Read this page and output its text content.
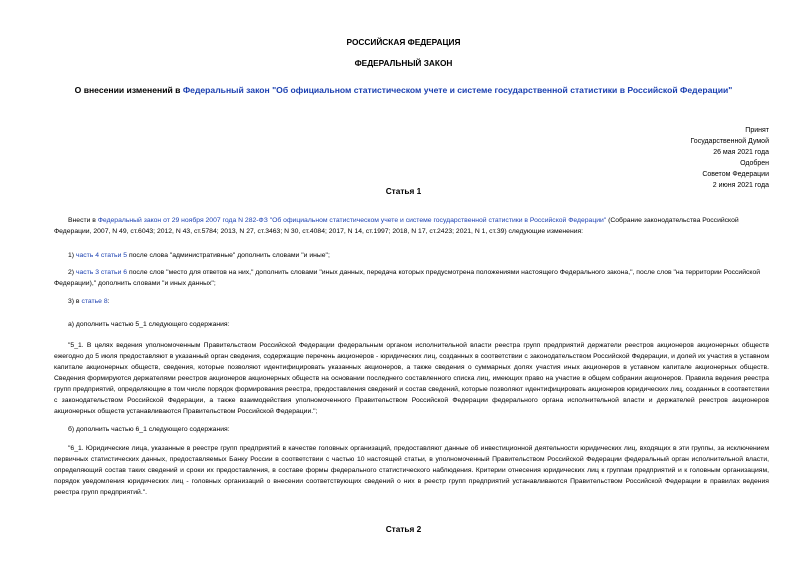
РОССИЙСКАЯ ФЕДЕРАЦИЯ
ФЕДЕРАЛЬНЫЙ ЗАКОН
О внесении изменений в Федеральный закон "Об официальном статистическом учете и системе государственной статистики в Российской Федерации"
Принят
Государственной Думой
26 мая 2021 года
Одобрен
Советом Федерации
2 июня 2021 года
Статья 1
Внести в Федеральный закон от 29 ноября 2007 года N 282-ФЗ "Об официальном статистическом учете и системе государственной статистики в Российской Федерации" (Собрание законодательства Российской Федерации, 2007, N 49, ст.6043; 2012, N 43, ст.5784; 2013, N 27, ст.3463; N 30, ст.4084; 2017, N 14, ст.1997; 2018, N 17, ст.2423; 2021, N 1, ст.39) следующие изменения:
1) часть 4 статьи 5 после слова "административные" дополнить словами "и иные";
2) часть 3 статьи 6 после слов "место для ответов на них," дополнить словами "иных данных, передача которых предусмотрена положениями настоящего Федерального закона,", после слов "на территории Российской Федерации)," дополнить словами "и иных данных";
3) в статье 8:
а) дополнить частью 5_1 следующего содержания:
"5_1. В целях ведения уполномоченным Правительством Российской Федерации федеральным органом исполнительной власти реестра групп предприятий держатели реестров акционеров акционерных обществ ежегодно до 5 июля предоставляют в указанный орган сведения, содержащие перечень акционеров - юридических лиц, созданных в соответствии с законодательством Российской Федерации, и долей их участия в уставном капитале акционерных обществ, сведения, которые позволяют идентифицировать указанных акционеров, а также сведения о суммарных долях участия иных акционеров в уставном капитале акционерных обществ. Сведения формируются держателями реестров акционеров акционерных обществ на основании последнего составленного списка лиц, имеющих право на участие в общем собрании акционеров. Правила ведения реестра групп предприятий, определяющие в том числе порядок формирования реестра, предоставления сведений и состав сведений, которые позволяют идентифицировать акционеров юридических лиц, созданных в соответствии с законодательством Российской Федерации, а также взаимодействия уполномоченного Правительством Российской Федерации федерального органа исполнительной власти и держателей реестров акционеров акционерных обществ устанавливаются Правительством Российской Федерации.";
б) дополнить частью 6_1 следующего содержания:
"6_1. Юридические лица, указанные в реестре групп предприятий в качестве головных организаций, предоставляют данные об инвестиционной деятельности юридических лиц, входящих в эти группы, за исключением первичных статистических данных, предоставляемых Банку России в соответствии с частью 10 настоящей статьи, в уполномоченный Правительством Российской Федерации федеральный орган исполнительной власти, определяющий состав таких сведений и сроки их предоставления, в составе формы федерального статистического наблюдения. Критерии отнесения юридических лиц к группам предприятий и к головным организациям, порядок уведомления юридических лиц - головных организаций о внесении соответствующих сведений о них в реестр групп предприятий устанавливаются Правительством Российской Федерации в правилах ведения реестра групп предприятий.".
Статья 2
